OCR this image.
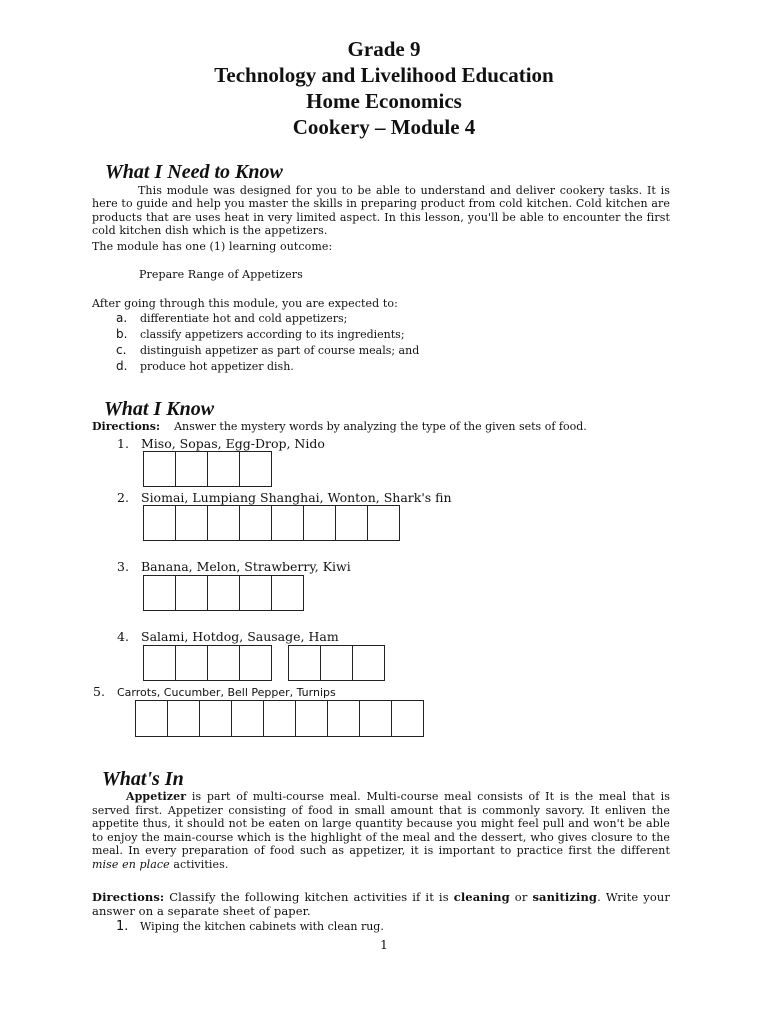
Grade 9
Technology and Livelihood Education
Home Economics
Cookery – Module 4
What I Need to Know
This module was designed for you to be able to understand and deliver cookery tasks. It is here to guide and help you master the skills in preparing product from cold kitchen. Cold kitchen are products that are uses heat in very limited aspect. In this lesson, you'll be able to encounter the first cold kitchen dish which is the appetizers.
The module has one (1) learning outcome:
Prepare Range of Appetizers
After going through this module, you are expected to:
a. differentiate hot and cold appetizers;
b. classify appetizers according to its ingredients;
c. distinguish appetizer as part of course meals; and
d. produce hot appetizer dish.
What I Know
Directions: Answer the mystery words by analyzing the type of the given sets of food.
1. Miso, Sopas, Egg-Drop, Nido
2. Siomai, Lumpiang Shanghai, Wonton, Shark's fin
3. Banana, Melon, Strawberry, Kiwi
4. Salami, Hotdog, Sausage, Ham
5. Carrots, Cucumber, Bell Pepper, Turnips
What's In
Appetizer is part of multi-course meal. Multi-course meal consists of It is the meal that is served first. Appetizer consisting of food in small amount that is commonly savory. It enliven the appetite thus, it should not be eaten on large quantity because you might feel pull and won't be able to enjoy the main-course which is the highlight of the meal and the dessert, who gives closure to the meal. In every preparation of food such as appetizer, it is important to practice first the different mise en place activities.
Directions: Classify the following kitchen activities if it is cleaning or sanitizing. Write your answer on a separate sheet of paper.
1. Wiping the kitchen cabinets with clean rug.
1
